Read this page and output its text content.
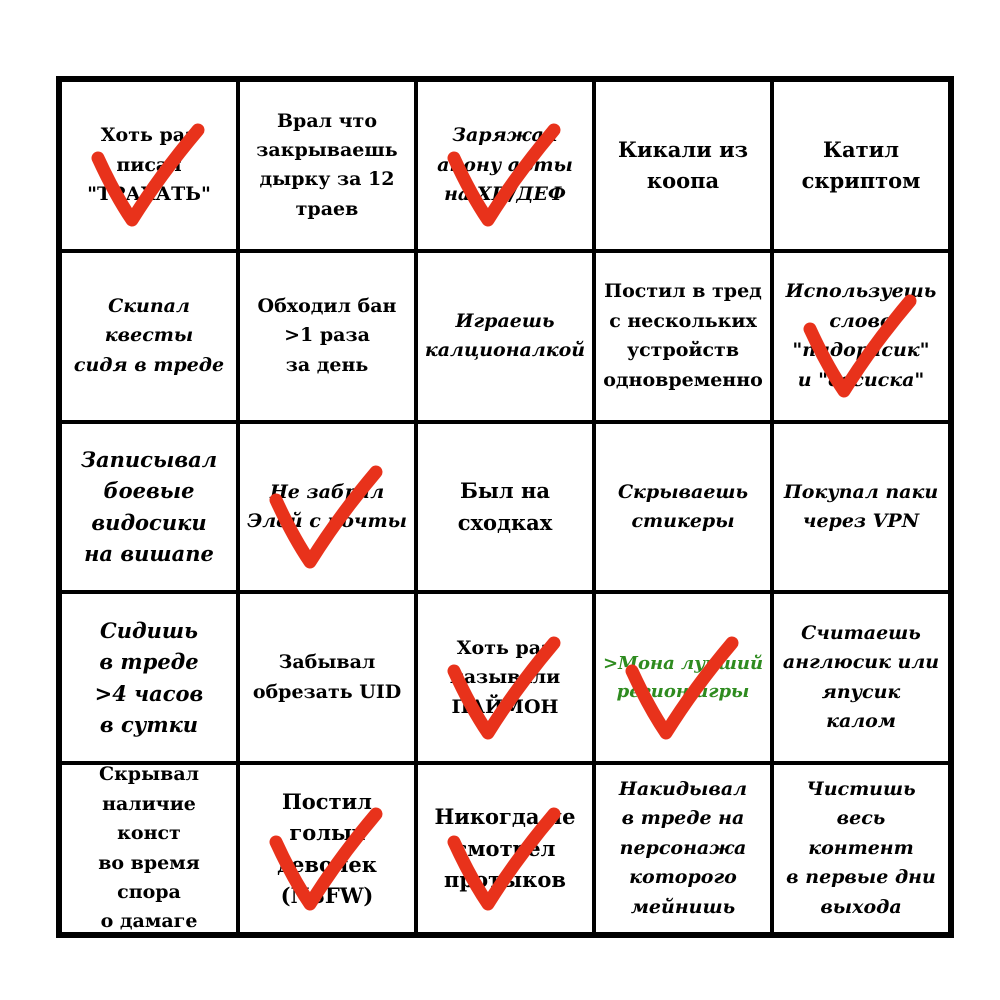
Хоть раз
писал
"ТРАХАТЬ"
Врал что
закрываешь
дырку за 12
траев
Заряжал
анону арты
на ХП/ДЕФ
Кикали из
коопа
Катил
скриптом
Скипал квесты
сидя в треде
Обходил бан
>1 раза
за день
Играешь
калционалкой
Постил в тред
с нескольких
устройств
одновременно
Используешь
слово
"пидорасик"
и "сосиска"
Записывал
боевые
видосики
на вишапе
Не забрал
Элой с почты
Был на
сходках
Скрываешь
стикеры
Покупал паки
через VPN
Сидишь
в треде
>4 часов
в сутки
Забывал
обрезать UID
Хоть раз
называли
ПАЙМОН
>Мона лучший
регион игры
Считаешь
англюсик или
япусик
калом
Скрывал
наличие конст
во время спора
о дамаге
Постил
голых
девочек
(NSFW)
Никогда не
смотрел
протыков
Накидывал
в треде на
персонажа
которого
мейнишь
Чистишь весь
контент
в первые дни
выхода
